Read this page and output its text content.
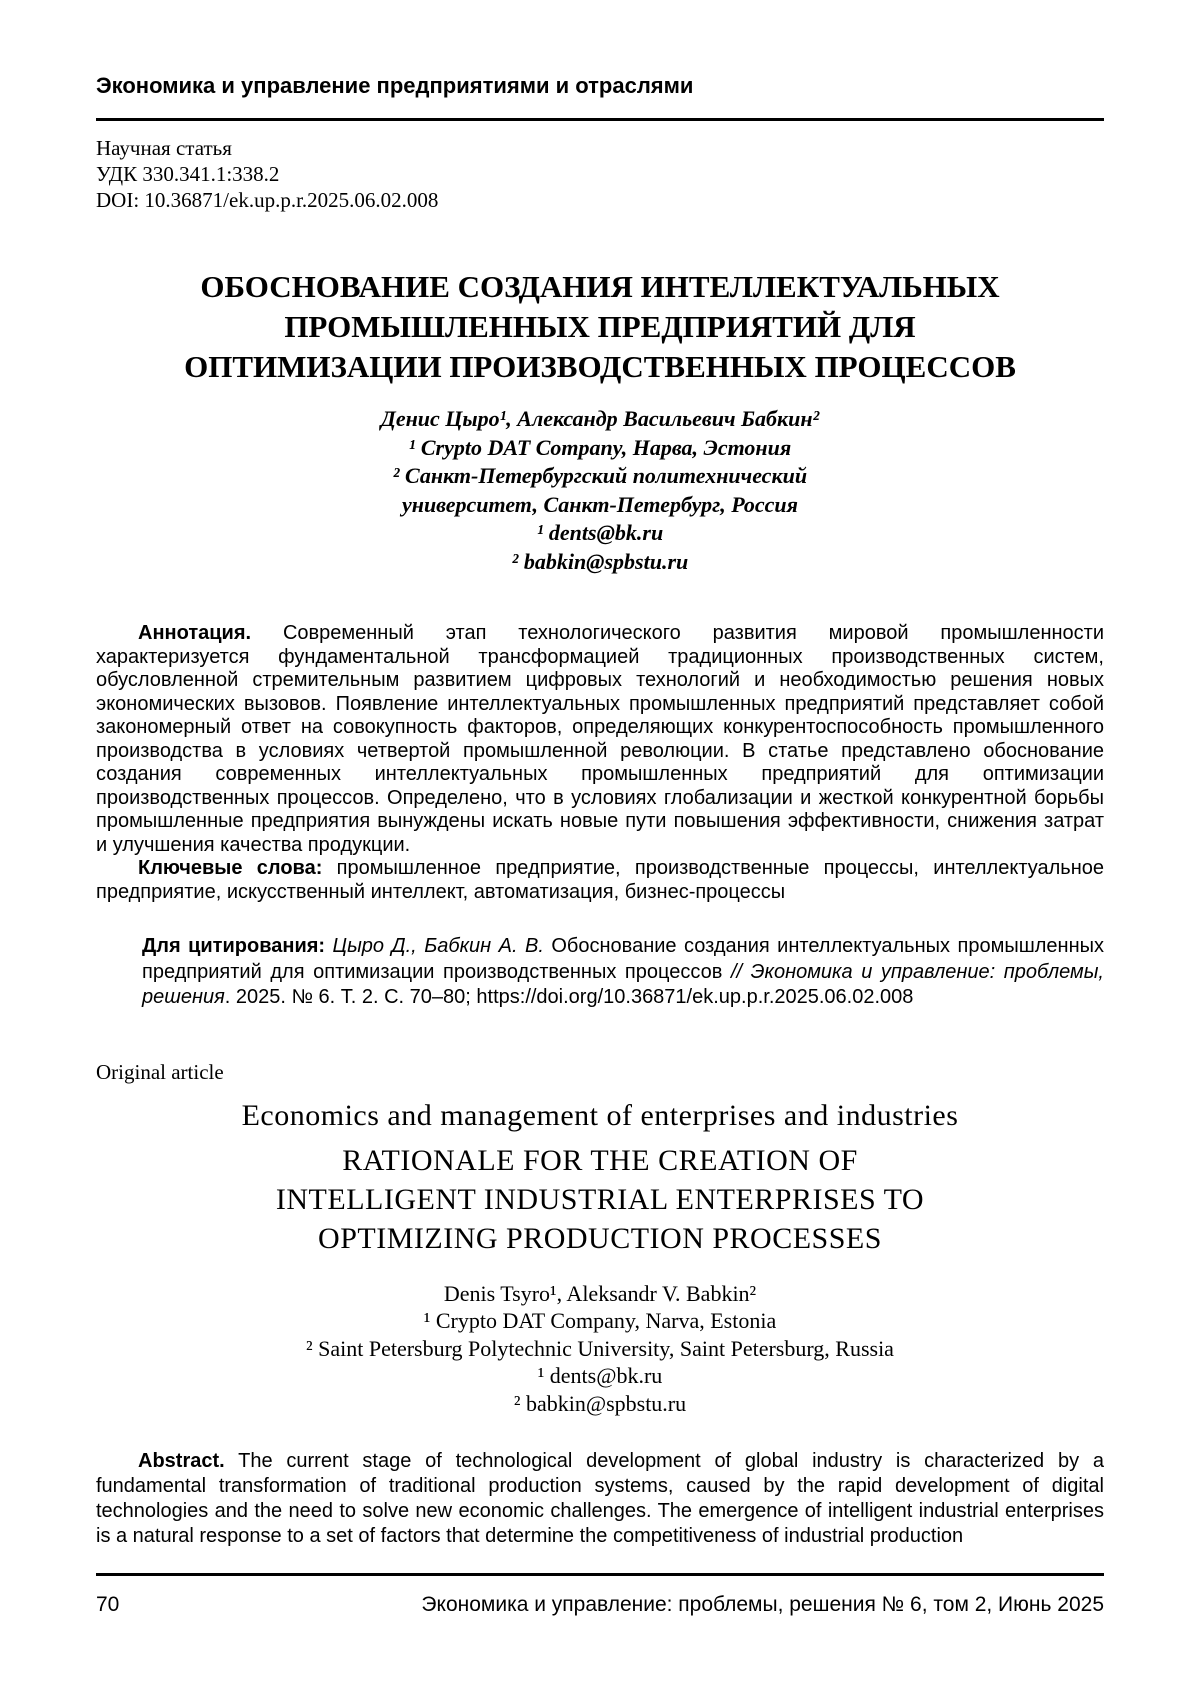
Экономика и управление предприятиями и отраслями
Научная статья
УДК 330.341.1:338.2
DOI: 10.36871/ek.up.p.r.2025.06.02.008
ОБОСНОВАНИЕ СОЗДАНИЯ ИНТЕЛЛЕКТУАЛЬНЫХ
ПРОМЫШЛЕННЫХ ПРЕДПРИЯТИЙ ДЛЯ
ОПТИМИЗАЦИИ ПРОИЗВОДСТВЕННЫХ ПРОЦЕССОВ
Денис Цыро¹, Александр Васильевич Бабкин²
¹ Crypto DAT Company, Нарва, Эстония
² Санкт-Петербургский политехнический
университет, Санкт-Петербург, Россия
¹ dents@bk.ru
² babkin@spbstu.ru

Аннотация. Современный этап технологического развития мировой промышленности характеризуется фундаментальной трансформацией традиционных производственных систем, обусловленной стремительным развитием цифровых технологий и необходимостью решения новых экономических вызовов. Появление интеллектуальных промышленных предприятий представляет собой закономерный ответ на совокупность факторов, определяющих конкурентоспособность промышленного производства в условиях четвертой промышленной революции. В статье представлено обоснование создания современных интеллектуальных промышленных предприятий для оптимизации производственных процессов. Определено, что в условиях глобализации и жесткой конкурентной борьбы промышленные предприятия вынуждены искать новые пути повышения эффективности, снижения затрат и улучшения качества продукции.

Ключевые слова: промышленное предприятие, производственные процессы, интеллектуальное предприятие, искусственный интеллект, автоматизация, бизнес-процессы

Для цитирования: Цыро Д., Бабкин А. В. Обоснование создания интеллектуальных промышленных предприятий для оптимизации производственных процессов // Экономика и управление: проблемы, решения. 2025. № 6. Т. 2. С. 70–80; https://doi.org/10.36871/ek.up.p.r.2025.06.02.008

Original article
Economics and management of enterprises and industries
RATIONALE FOR THE CREATION OF
INTELLIGENT INDUSTRIAL ENTERPRISES TO
OPTIMIZING PRODUCTION PROCESSES
Denis Tsyro¹, Aleksandr V. Babkin²
¹ Crypto DAT Company, Narva, Estonia
² Saint Petersburg Polytechnic University, Saint Petersburg, Russia
¹ dents@bk.ru
² babkin@spbstu.ru

Abstract. The current stage of technological development of global industry is characterized by a fundamental transformation of traditional production systems, caused by the rapid development of digital technologies and the need to solve new economic challenges. The emergence of intelligent industrial enterprises is a natural response to a set of factors that determine the competitiveness of industrial production

70	Экономика и управление: проблемы, решения № 6, том 2, Июнь 2025
